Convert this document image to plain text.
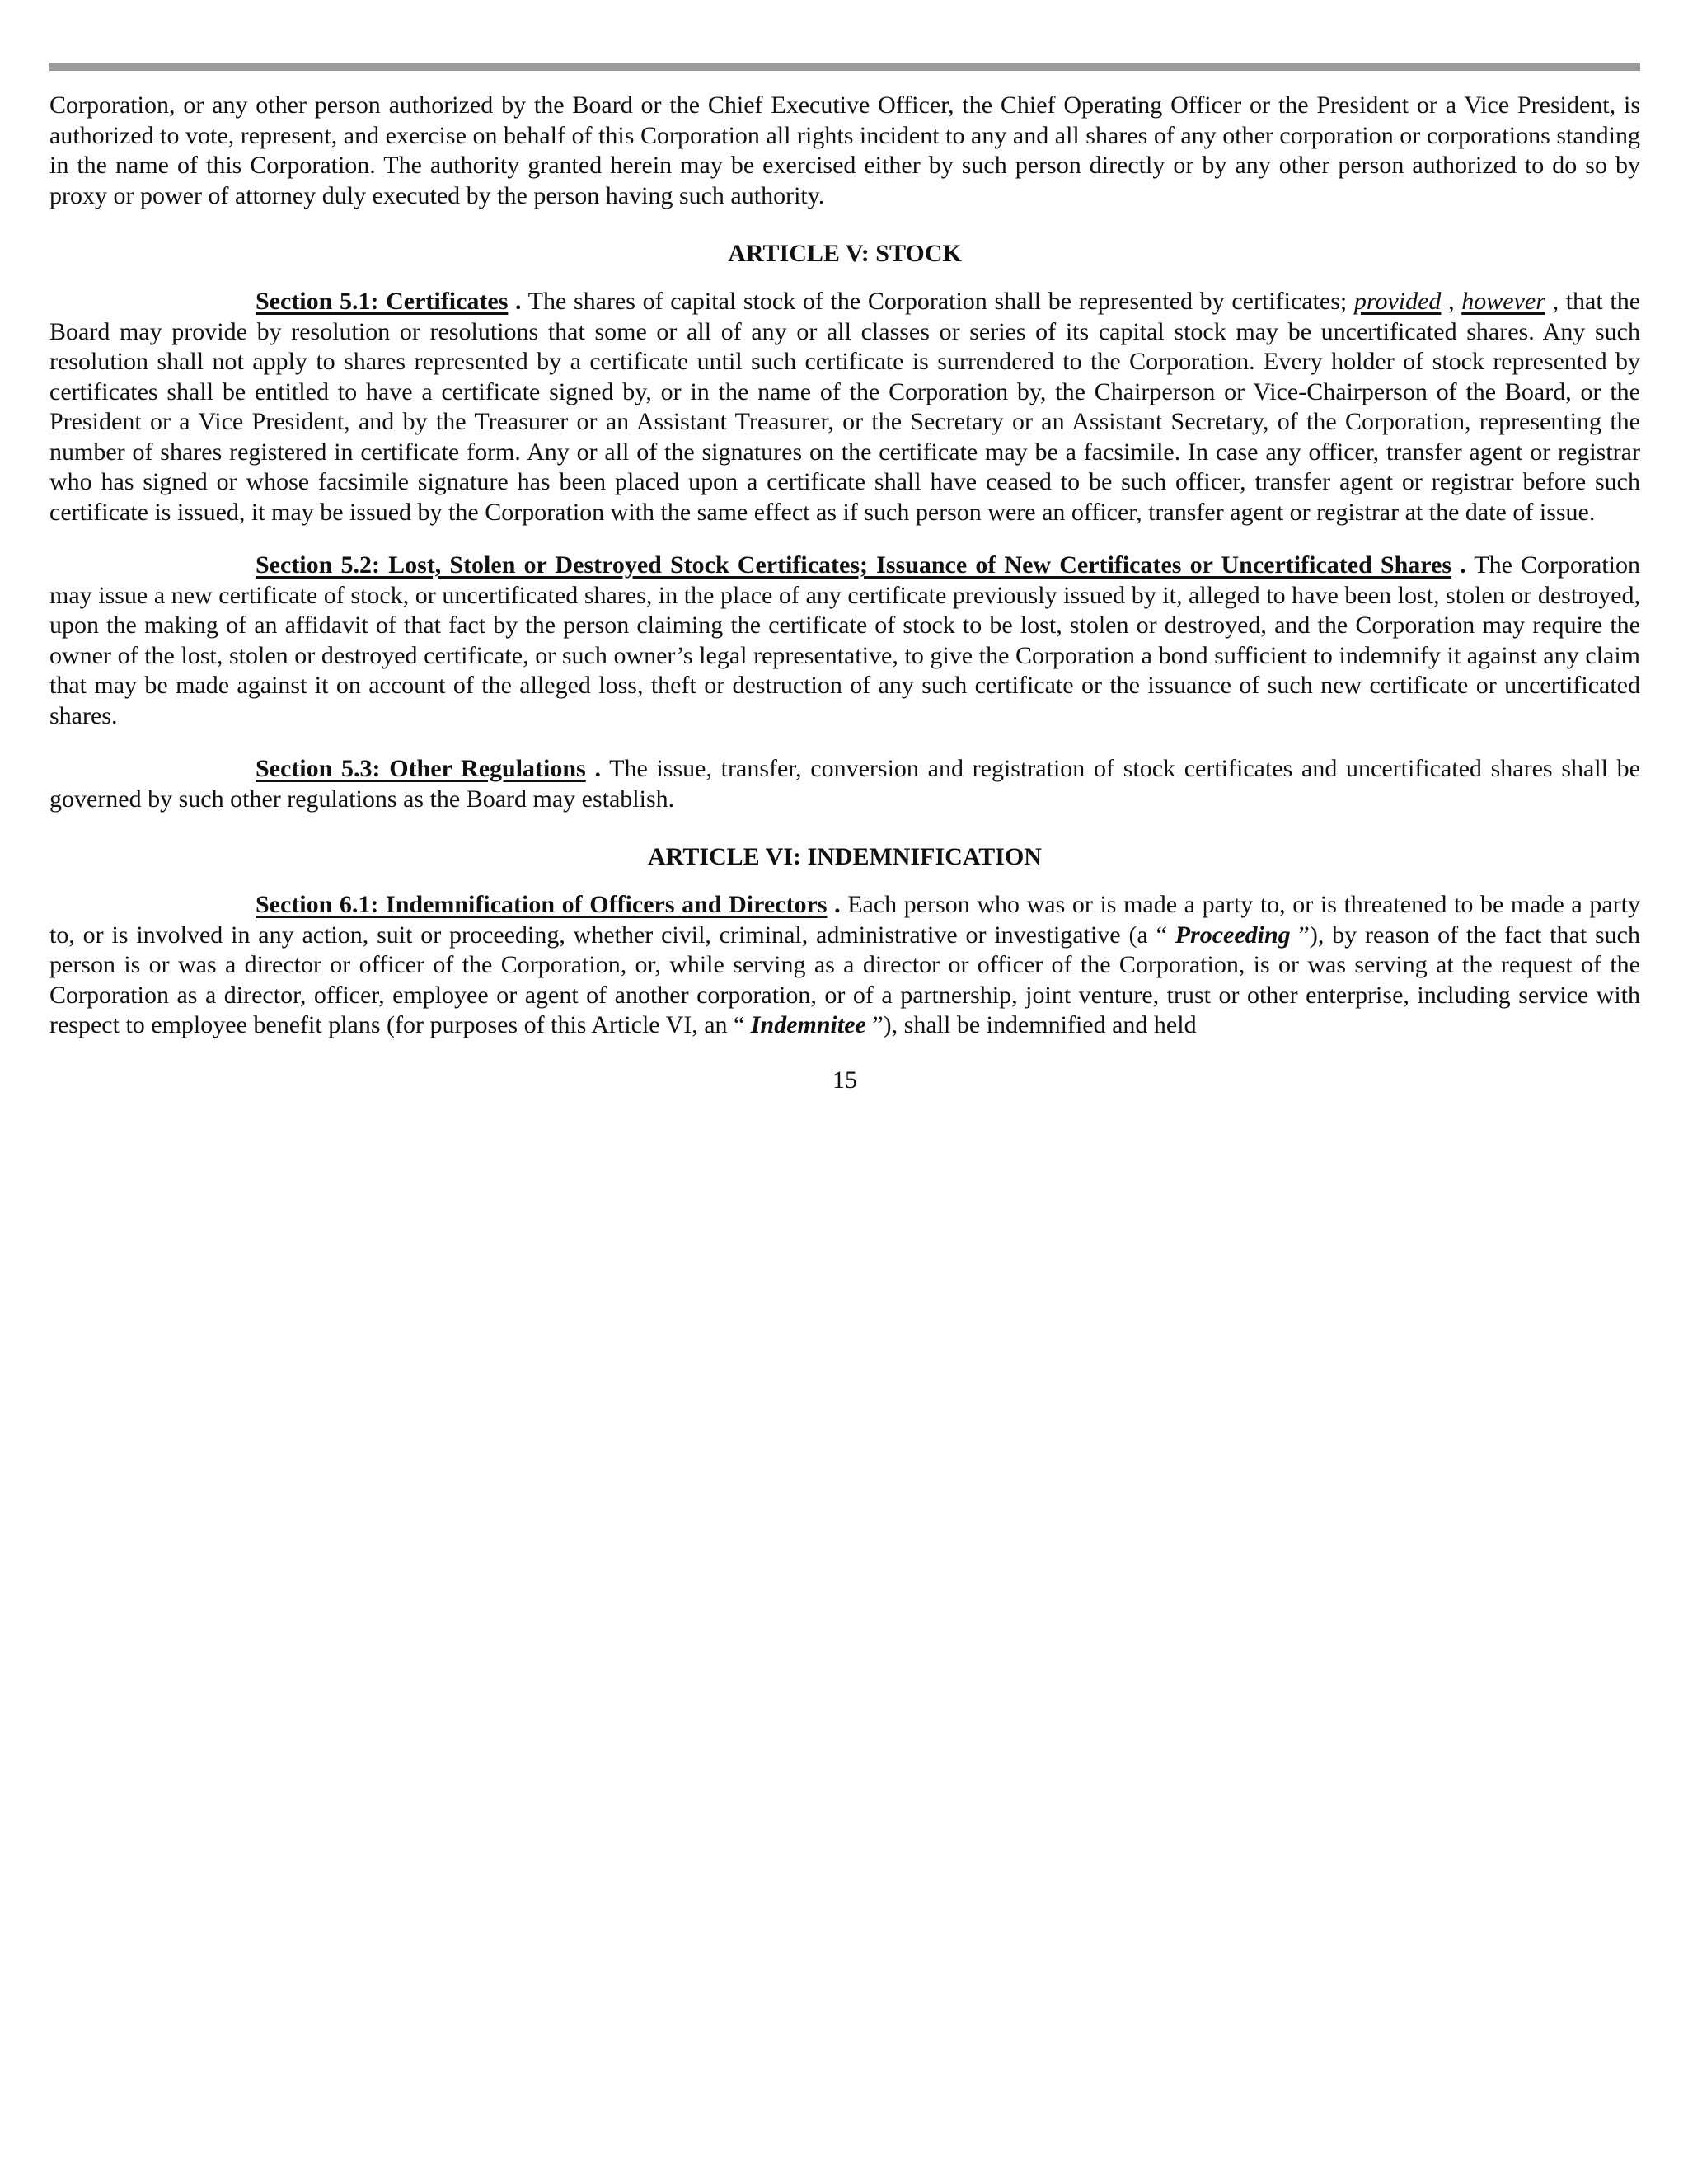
Corporation, or any other person authorized by the Board or the Chief Executive Officer, the Chief Operating Officer or the President or a Vice President, is authorized to vote, represent, and exercise on behalf of this Corporation all rights incident to any and all shares of any other corporation or corporations standing in the name of this Corporation. The authority granted herein may be exercised either by such person directly or by any other person authorized to do so by proxy or power of attorney duly executed by the person having such authority.

ARTICLE V: STOCK

Section 5.1: Certificates . The shares of capital stock of the Corporation shall be represented by certificates; provided , however , that the Board may provide by resolution or resolutions that some or all of any or all classes or series of its capital stock may be uncertificated shares. Any such resolution shall not apply to shares represented by a certificate until such certificate is surrendered to the Corporation. Every holder of stock represented by certificates shall be entitled to have a certificate signed by, or in the name of the Corporation by, the Chairperson or Vice-Chairperson of the Board, or the President or a Vice President, and by the Treasurer or an Assistant Treasurer, or the Secretary or an Assistant Secretary, of the Corporation, representing the number of shares registered in certificate form. Any or all of the signatures on the certificate may be a facsimile. In case any officer, transfer agent or registrar who has signed or whose facsimile signature has been placed upon a certificate shall have ceased to be such officer, transfer agent or registrar before such certificate is issued, it may be issued by the Corporation with the same effect as if such person were an officer, transfer agent or registrar at the date of issue.

Section 5.2: Lost, Stolen or Destroyed Stock Certificates; Issuance of New Certificates or Uncertificated Shares . The Corporation may issue a new certificate of stock, or uncertificated shares, in the place of any certificate previously issued by it, alleged to have been lost, stolen or destroyed, upon the making of an affidavit of that fact by the person claiming the certificate of stock to be lost, stolen or destroyed, and the Corporation may require the owner of the lost, stolen or destroyed certificate, or such owner’s legal representative, to give the Corporation a bond sufficient to indemnify it against any claim that may be made against it on account of the alleged loss, theft or destruction of any such certificate or the issuance of such new certificate or uncertificated shares.

Section 5.3: Other Regulations . The issue, transfer, conversion and registration of stock certificates and uncertificated shares shall be governed by such other regulations as the Board may establish.

ARTICLE VI: INDEMNIFICATION

Section 6.1: Indemnification of Officers and Directors . Each person who was or is made a party to, or is threatened to be made a party to, or is involved in any action, suit or proceeding, whether civil, criminal, administrative or investigative (a “ Proceeding ”), by reason of the fact that such person is or was a director or officer of the Corporation, or, while serving as a director or officer of the Corporation, is or was serving at the request of the Corporation as a director, officer, employee or agent of another corporation, or of a partnership, joint venture, trust or other enterprise, including service with respect to employee benefit plans (for purposes of this Article VI, an “ Indemnitee ”), shall be indemnified and held

15
